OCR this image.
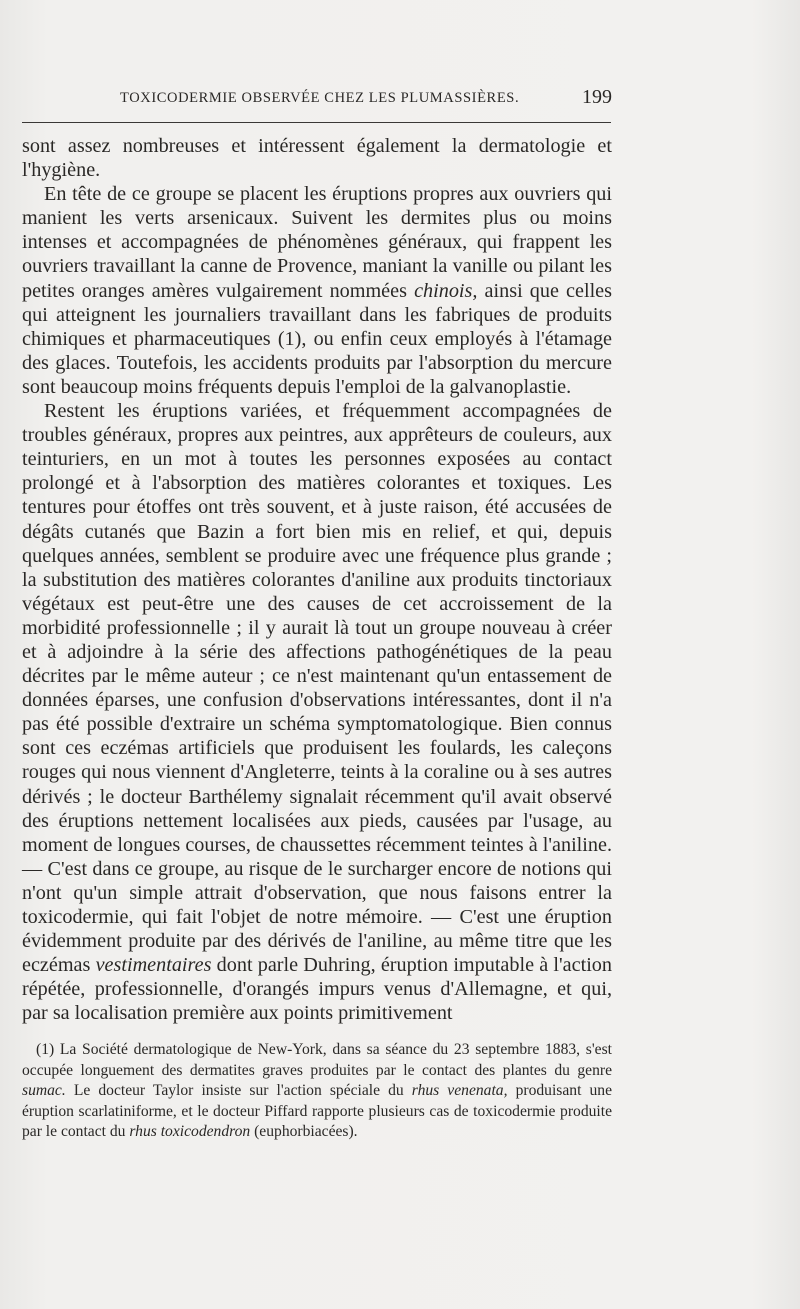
TOXICODERMIE OBSERVÉE CHEZ LES PLUMASSIÈRES.	199

sont assez nombreuses et intéressent également la dermatologie et l'hygiène.

En tête de ce groupe se placent les éruptions propres aux ouvriers qui manient les verts arsenicaux. Suivent les dermites plus ou moins intenses et accompagnées de phénomènes généraux, qui frappent les ouvriers travaillant la canne de Provence, maniant la vanille ou pilant les petites oranges amères vulgairement nommées chinois, ainsi que celles qui atteignent les journaliers travaillant dans les fabriques de produits chimiques et pharmaceutiques (1), ou enfin ceux employés à l'étamage des glaces. Toutefois, les accidents produits par l'absorption du mercure sont beaucoup moins fréquents depuis l'emploi de la galvanoplastie.

Restent les éruptions variées, et fréquemment accompagnées de troubles généraux, propres aux peintres, aux apprêteurs de couleurs, aux teinturiers, en un mot à toutes les personnes exposées au contact prolongé et à l'absorption des matières colorantes et toxiques. Les tentures pour étoffes ont très souvent, et à juste raison, été accusées de dégâts cutanés que Bazin a fort bien mis en relief, et qui, depuis quelques années, semblent se produire avec une fréquence plus grande ; la substitution des matières colorantes d'aniline aux produits tinctoriaux végétaux est peut-être une des causes de cet accroissement de la morbidité professionnelle ; il y aurait là tout un groupe nouveau à créer et à adjoindre à la série des affections pathogénétiques de la peau décrites par le même auteur ; ce n'est maintenant qu'un entassement de données éparses, une confusion d'observations intéressantes, dont il n'a pas été possible d'extraire un schéma symptomatologique. Bien connus sont ces eczémas artificiels que produisent les foulards, les caleçons rouges qui nous viennent d'Angleterre, teints à la coraline ou à ses autres dérivés ; le docteur Barthélemy signalait récemment qu'il avait observé des éruptions nettement localisées aux pieds, causées par l'usage, au moment de longues courses, de chaussettes récemment teintes à l'aniline. — C'est dans ce groupe, au risque de le surcharger encore de notions qui n'ont qu'un simple attrait d'observation, que nous faisons entrer la toxicodermie, qui fait l'objet de notre mémoire. — C'est une éruption évidemment produite par des dérivés de l'aniline, au même titre que les eczémas vestimentaires dont parle Duhring, éruption imputable à l'action répétée, professionnelle, d'orangés impurs venus d'Allemagne, et qui, par sa localisation première aux points primitivement

(1) La Société dermatologique de New-York, dans sa séance du 23 septembre 1883, s'est occupée longuement des dermatites graves produites par le contact des plantes du genre sumac. Le docteur Taylor insiste sur l'action spéciale du rhus venenata, produisant une éruption scarlatiniforme, et le docteur Piffard rapporte plusieurs cas de toxicodermie produite par le contact du rhus toxicodendron (euphorbiacées).
